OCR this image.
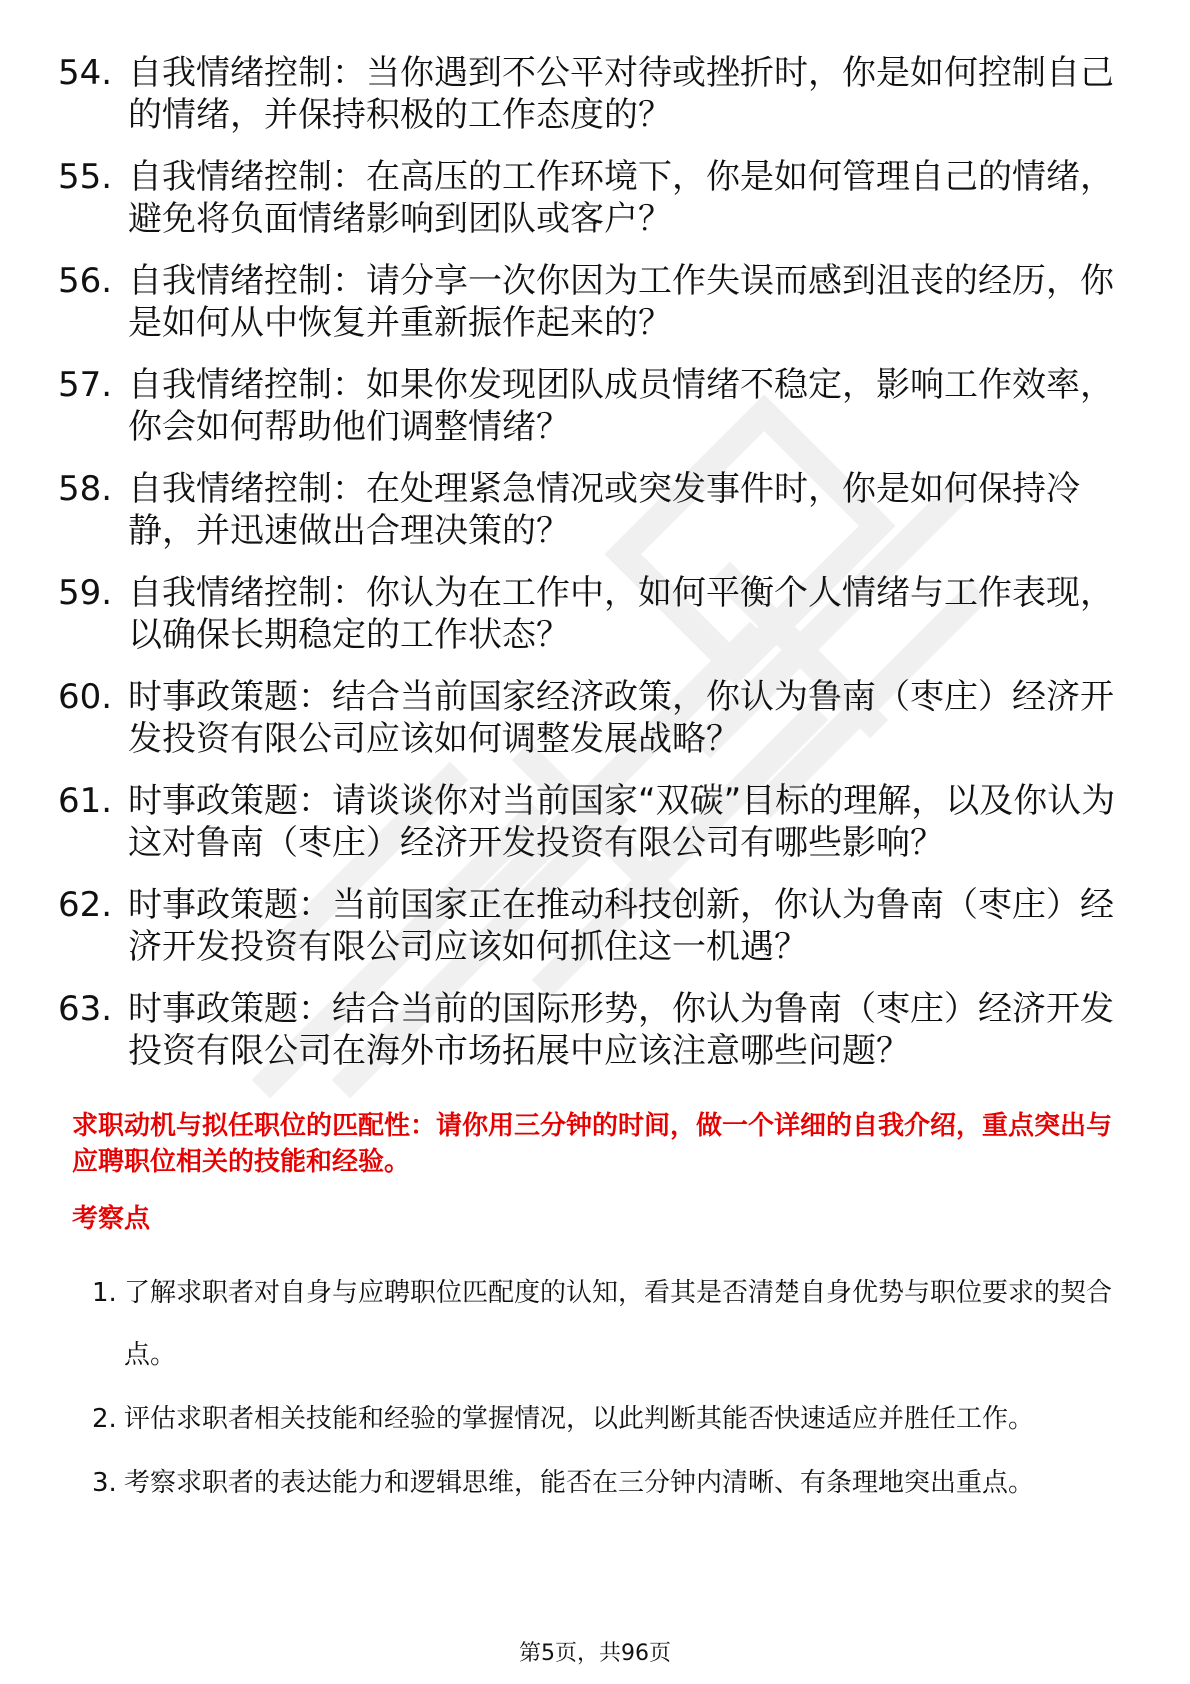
54. 自我情绪控制：当你遇到不公平对待或挫折时，你是如何控制自己的情绪，并保持积极的工作态度的？
55. 自我情绪控制：在高压的工作环境下，你是如何管理自己的情绪，避免将负面情绪影响到团队或客户？
56. 自我情绪控制：请分享一次你因为工作失误而感到沮丧的经历，你是如何从中恢复并重新振作起来的？
57. 自我情绪控制：如果你发现团队成员情绪不稳定，影响工作效率，你会如何帮助他们调整情绪？
58. 自我情绪控制：在处理紧急情况或突发事件时，你是如何保持冷静，并迅速做出合理决策的？
59. 自我情绪控制：你认为在工作中，如何平衡个人情绪与工作表现，以确保长期稳定的工作状态？
60. 时事政策题：结合当前国家经济政策，你认为鲁南（枣庄）经济开发投资有限公司应该如何调整发展战略？
61. 时事政策题：请谈谈你对当前国家“双碳”目标的理解，以及你认为这对鲁南（枣庄）经济开发投资有限公司有哪些影响？
62. 时事政策题：当前国家正在推动科技创新，你认为鲁南（枣庄）经济开发投资有限公司应该如何抓住这一机遇？
63. 时事政策题：结合当前的国际形势，你认为鲁南（枣庄）经济开发投资有限公司在海外市场拓展中应该注意哪些问题？
求职动机与拟任职位的匹配性：请你用三分钟的时间，做一个详细的自我介绍，重点突出与应聘职位相关的技能和经验。
考察点
1. 了解求职者对自身与应聘职位匹配度的认知，看其是否清楚自身优势与职位要求的契合点。
2. 评估求职者相关技能和经验的掌握情况，以此判断其能否快速适应并胜任工作。
3. 考察求职者的表达能力和逻辑思维，能否在三分钟内清晰、有条理地突出重点。
第5页，共96页
